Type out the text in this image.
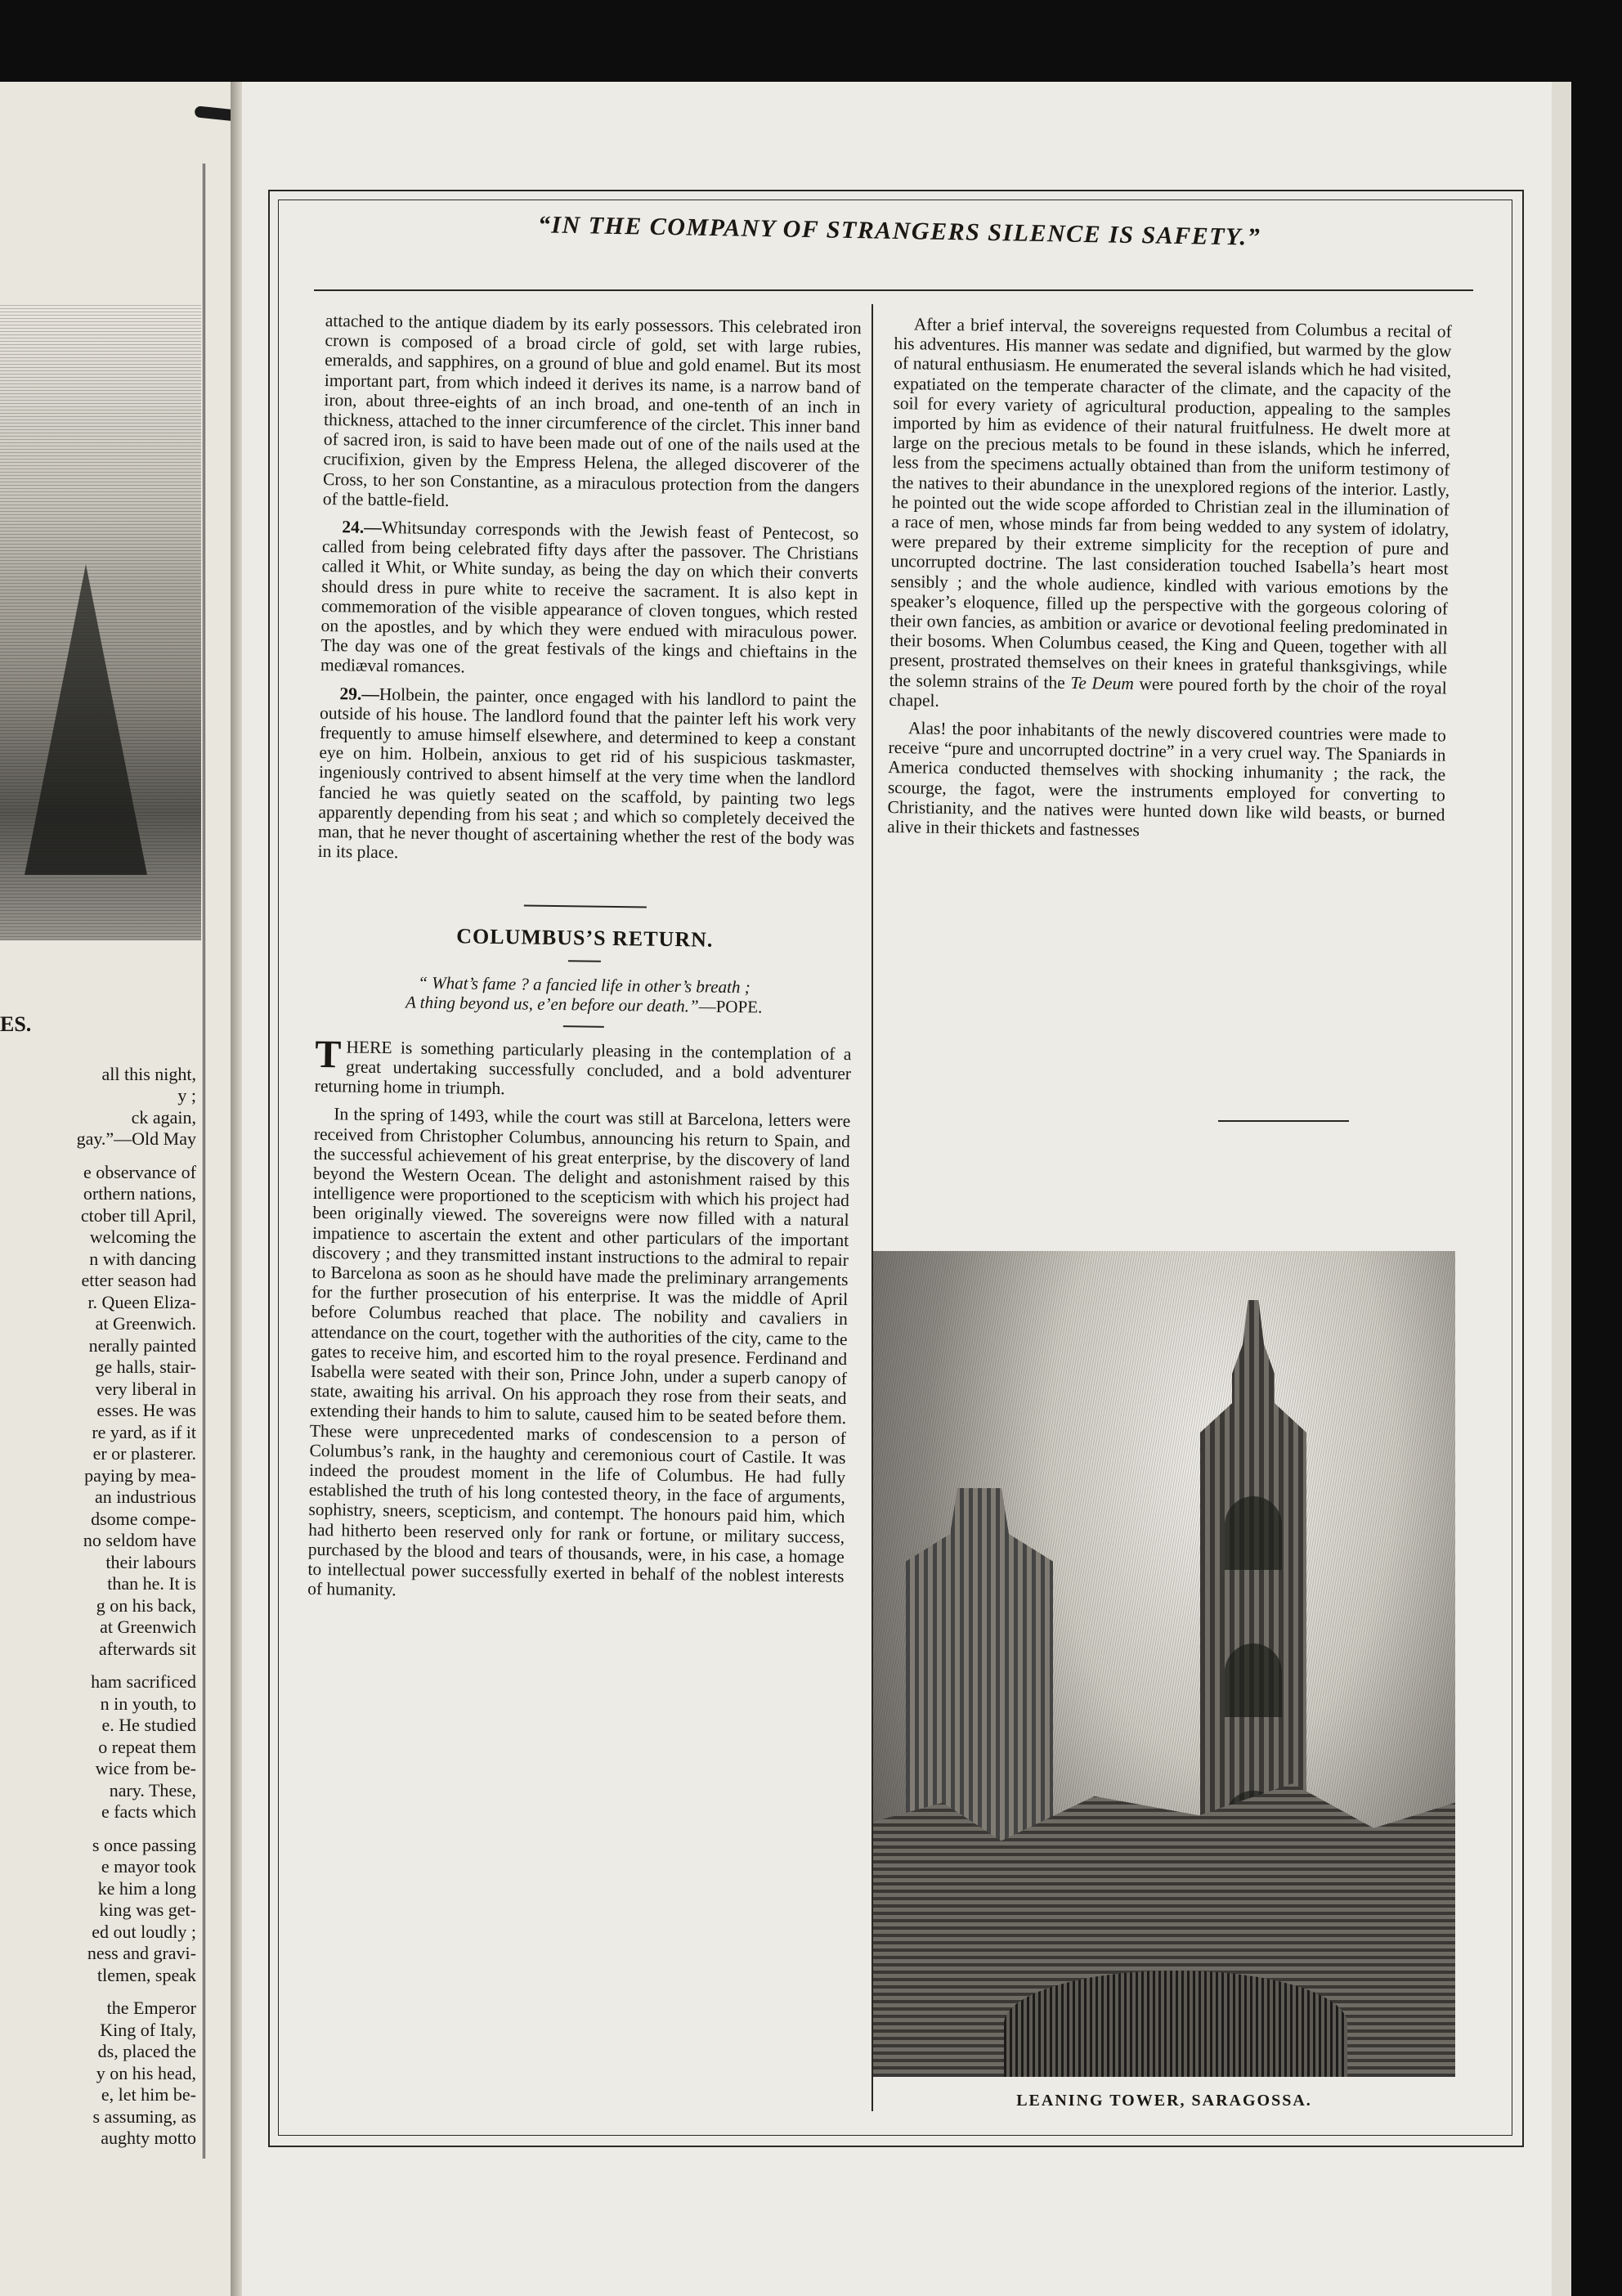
ES.
all this night,
y ;
ck again,
gay.”—Old May
e observance of
orthern nations,
ctober till April,
welcoming the
n with dancing
etter season had
r. Queen Eliza-
at Greenwich.
nerally painted
ge halls, stair-
very liberal in
esses. He was
re yard, as if it
er or plasterer.
paying by mea-
an industrious
dsome compe-
no seldom have
their labours
than he. It is
g on his back,
at Greenwich
afterwards sit
ham sacrificed
n in youth, to
e. He studied
o repeat them
wice from be-
nary. These,
e facts which
s once passing
e mayor took
ke him a long
king was get-
ed out loudly ;
ness and gravi-
tlemen, speak
the Emperor
King of Italy,
ds, placed the
y on his head,
e, let him be-
s assuming, as
aughty motto
“IN THE COMPANY OF STRANGERS SILENCE IS SAFETY.”

attached to the antique diadem by its early possessors. This celebrated iron crown is composed of a broad circle of gold, set with large rubies, emeralds, and sapphires, on a ground of blue and gold enamel. But its most important part, from which indeed it derives its name, is a narrow band of iron, about three-eights of an inch broad, and one-tenth of an inch in thickness, attached to the inner circumference of the circlet. This inner band of sacred iron, is said to have been made out of one of the nails used at the crucifixion, given by the Empress Helena, the alleged discoverer of the Cross, to her son Constantine, as a miraculous protection from the dangers of the battle-field.

24.—Whitsunday corresponds with the Jewish feast of Pentecost, so called from being celebrated fifty days after the passover. The Christians called it Whit, or White sunday, as being the day on which their converts should dress in pure white to receive the sacrament. It is also kept in commemoration of the visible appearance of cloven tongues, which rested on the apostles, and by which they were endued with miraculous power. The day was one of the great festivals of the kings and chieftains in the mediæval romances.

29.—Holbein, the painter, once engaged with his landlord to paint the outside of his house. The landlord found that the painter left his work very frequently to amuse himself elsewhere, and determined to keep a constant eye on him. Holbein, anxious to get rid of his suspicious taskmaster, ingeniously contrived to absent himself at the very time when the landlord fancied he was quietly seated on the scaffold, by painting two legs apparently depending from his seat ; and which so completely deceived the man, that he never thought of ascertaining whether the rest of the body was in its place.

COLUMBUS’S RETURN.
“ What’s fame ? a fancied life in other’s breath ;
A thing beyond us, e’en before our death.”—POPE.

THERE is something particularly pleasing in the contemplation of a great undertaking successfully concluded, and a bold adventurer returning home in triumph.

In the spring of 1493, while the court was still at Barcelona, letters were received from Christopher Columbus, announcing his return to Spain, and the successful achievement of his great enterprise, by the discovery of land beyond the Western Ocean. The delight and astonishment raised by this intelligence were proportioned to the scepticism with which his project had been originally viewed. The sovereigns were now filled with a natural impatience to ascertain the extent and other particulars of the important discovery ; and they transmitted instant instructions to the admiral to repair to Barcelona as soon as he should have made the preliminary arrangements for the further prosecution of his enterprise. It was the middle of April before Columbus reached that place. The nobility and cavaliers in attendance on the court, together with the authorities of the city, came to the gates to receive him, and escorted him to the royal presence. Ferdinand and Isabella were seated with their son, Prince John, under a superb canopy of state, awaiting his arrival. On his approach they rose from their seats, and extending their hands to him to salute, caused him to be seated before them. These were unprecedented marks of condescension to a person of Columbus’s rank, in the haughty and ceremonious court of Castile. It was indeed the proudest moment in the life of Columbus. He had fully established the truth of his long contested theory, in the face of arguments, sophistry, sneers, scepticism, and contempt. The honours paid him, which had hitherto been reserved only for rank or fortune, or military success, purchased by the blood and tears of thousands, were, in his case, a homage to intellectual power successfully exerted in behalf of the noblest interests of humanity.

After a brief interval, the sovereigns requested from Columbus a recital of his adventures. His manner was sedate and dignified, but warmed by the glow of natural enthusiasm. He enumerated the several islands which he had visited, expatiated on the temperate character of the climate, and the capacity of the soil for every variety of agricultural production, appealing to the samples imported by him as evidence of their natural fruitfulness. He dwelt more at large on the precious metals to be found in these islands, which he inferred, less from the specimens actually obtained than from the uniform testimony of the natives to their abundance in the unexplored regions of the interior. Lastly, he pointed out the wide scope afforded to Christian zeal in the illumination of a race of men, whose minds far from being wedded to any system of idolatry, were prepared by their extreme simplicity for the reception of pure and uncorrupted doctrine. The last consideration touched Isabella’s heart most sensibly ; and the whole audience, kindled with various emotions by the speaker’s eloquence, filled up the perspective with the gorgeous coloring of their own fancies, as ambition or avarice or devotional feeling predominated in their bosoms. When Columbus ceased, the King and Queen, together with all present, prostrated themselves on their knees in grateful thanksgivings, while the solemn strains of the Te Deum were poured forth by the choir of the royal chapel.

Alas! the poor inhabitants of the newly discovered countries were made to receive “pure and uncorrupted doctrine” in a very cruel way. The Spaniards in America conducted themselves with shocking inhumanity ; the rack, the scourge, the fagot, were the instruments employed for converting to Christianity, and the natives were hunted down like wild beasts, or burned alive in their thickets and fastnesses

LEANING TOWER, SARAGOSSA.
